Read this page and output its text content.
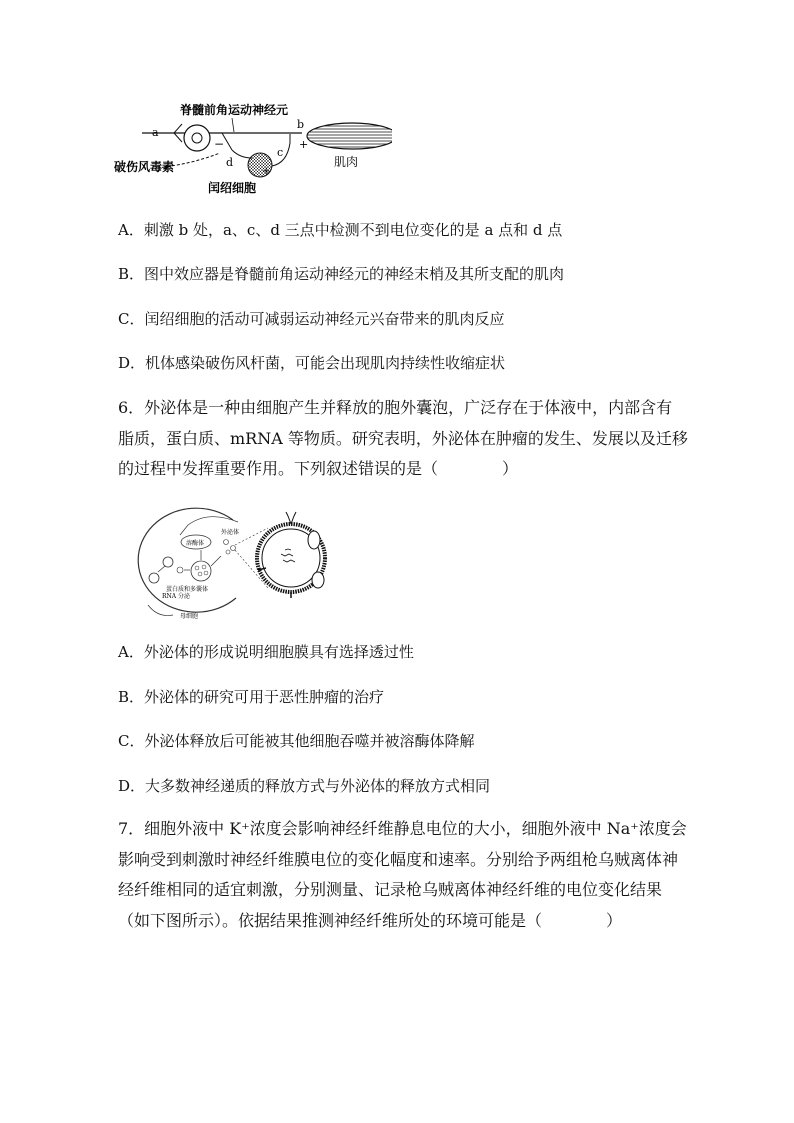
a
脊髓前角运动神经元
−
+
d
c
b
+
肌肉
破伤风毒素
闰绍细胞
A．刺激 b 处，a、c、d 三点中检测不到电位变化的是 a 点和 d 点
B．图中效应器是脊髓前角运动神经元的神经末梢及其所支配的肌肉
C．闰绍细胞的活动可减弱运动神经元兴奋带来的肌肉反应
D．机体感染破伤风杆菌，可能会出现肌肉持续性收缩症状
6．外泌体是一种由细胞产生并释放的胞外囊泡，广泛存在于体液中，内部含有
脂质，蛋白质、mRNA 等物质。研究表明，外泌体在肿瘤的发生、发展以及迁移
的过程中发挥重要作用。下列叙述错误的是（　　　　）
溶酶体
多囊体
蛋白质和
RNA 分泌
外泌体
母细胞
A．外泌体的形成说明细胞膜具有选择透过性
B．外泌体的研究可用于恶性肿瘤的治疗
C．外泌体释放后可能被其他细胞吞噬并被溶酶体降解
D．大多数神经递质的释放方式与外泌体的释放方式相同
7．细胞外液中 K⁺浓度会影响神经纤维静息电位的大小，细胞外液中 Na⁺浓度会
影响受到刺激时神经纤维膜电位的变化幅度和速率。分别给予两组枪乌贼离体神
经纤维相同的适宜刺激，分别测量、记录枪乌贼离体神经纤维的电位变化结果
（如下图所示）。依据结果推测神经纤维所处的环境可能是（　　　　）
